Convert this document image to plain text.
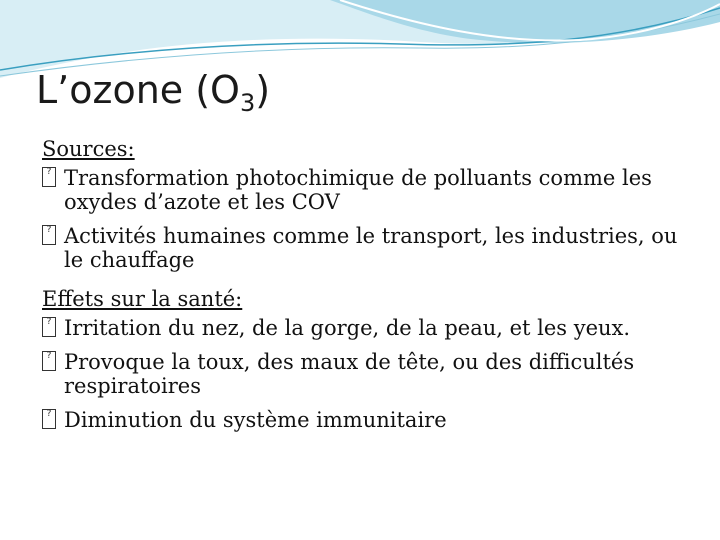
L’ozone $(O_3)$

Sources:

? Transformation photochimique de polluants comme les oxydes d’azote et les COV
? Activités humaines comme le transport, les industries, ou le chauffage

Effets sur la santé:

? Irritation du nez, de la gorge, de la peau, et les yeux.
? Provoque la toux, des maux de tête, ou des difficultés respiratoires
? Diminution du système immunitaire
